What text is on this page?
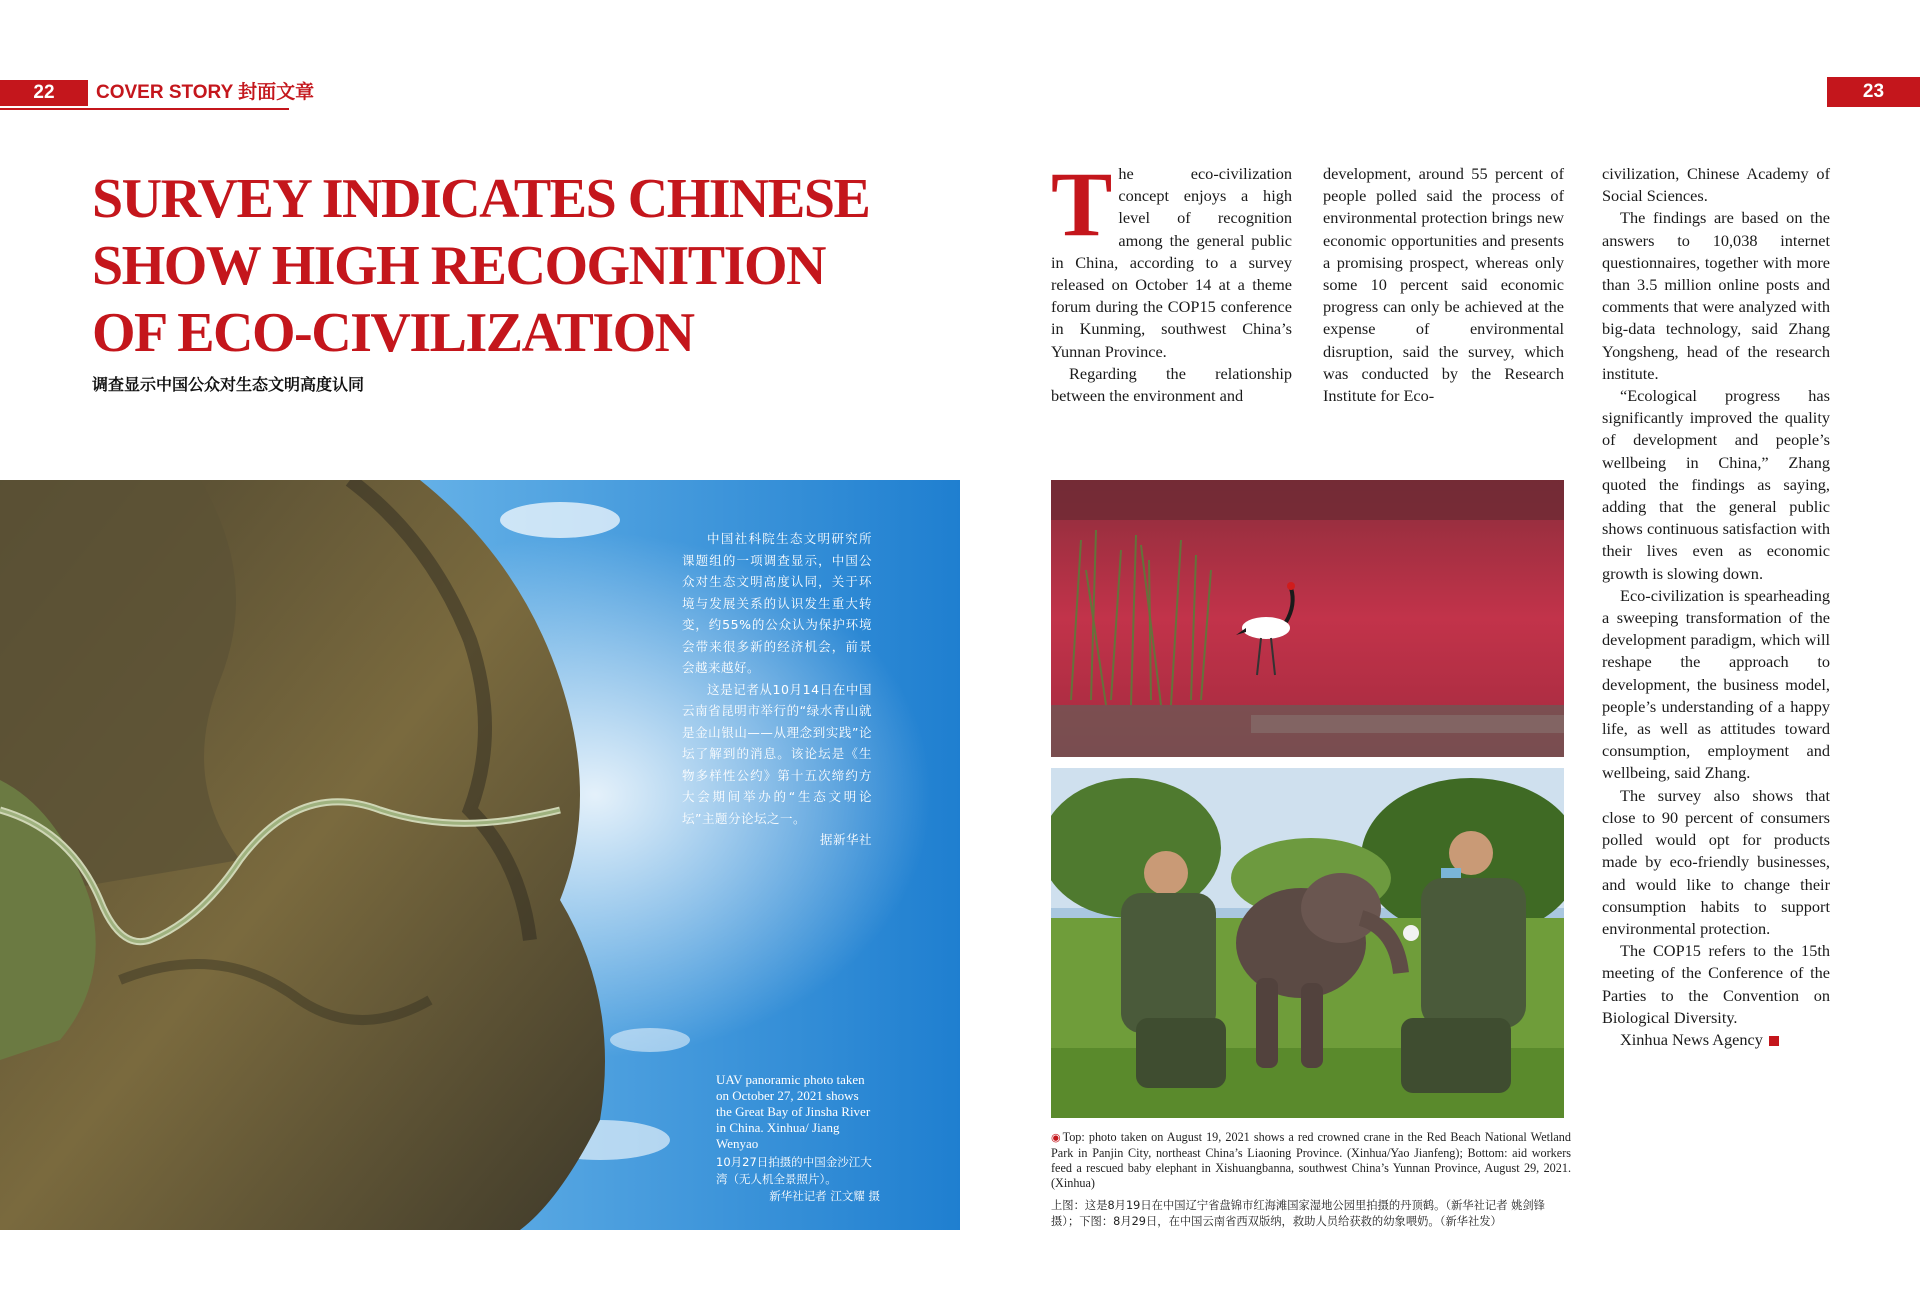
22	COVER STORY 封面文章	23
SURVEY INDICATES CHINESE
SHOW HIGH RECOGNITION
OF ECO-CIVILIZATION
调查显示中国公众对生态文明高度认同

中国社科院生态文明研究所课题组的一项调查显示，中国公众对生态文明高度认同，关于环境与发展关系的认识发生重大转变，约55%的公众认为保护环境会带来很多新的经济机会，前景会越来越好。

这是记者从10月14日在中国云南省昆明市举行的“绿水青山就是金山银山——从理念到实践”论坛了解到的消息。该论坛是《生物多样性公约》第十五次缔约方大会期间举办的“生态文明论坛”主题分论坛之一。

据新华社

UAV panoramic photo taken on October 27, 2021 shows the Great Bay of Jinsha River in China. Xinhua/ Jiang Wenyao
10月27日拍摄的中国金沙江大湾（无人机全景照片）。
新华社记者 江文耀 摄

The eco-civilization concept enjoys a high level of recognition among the general public in China, according to a survey released on October 14 at a theme forum during the COP15 conference in Kunming, southwest China’s Yunnan Province.

Regarding the relationship between the environment and

development, around 55 percent of people polled said the process of environmental protection brings new economic opportunities and presents a promising prospect, whereas only some 10 percent said economic progress can only be achieved at the expense of environmental disruption, said the survey, which was conducted by the Research Institute for Eco-

civilization, Chinese Academy of Social Sciences.

The findings are based on the answers to 10,038 internet questionnaires, together with more than 3.5 million online posts and comments that were analyzed with big-data technology, said Zhang Yongsheng, head of the research institute.

“Ecological progress has significantly improved the quality of development and people’s wellbeing in China,” Zhang quoted the findings as saying, adding that the general public shows continuous satisfaction with their lives even as economic growth is slowing down.

Eco-civilization is spearheading a sweeping transformation of the development paradigm, which will reshape the approach to development, the business model, people’s understanding of a happy life, as well as attitudes toward consumption, employment and wellbeing, said Zhang.

The survey also shows that close to 90 percent of consumers polled would opt for products made by eco-friendly businesses, and would like to change their consumption habits to support environmental protection.

The COP15 refers to the 15th meeting of the Conference of the Parties to the Convention on Biological Diversity.

Xinhua News Agency

◉ Top: photo taken on August 19, 2021 shows a red crowned crane in the Red Beach National Wetland Park in Panjin City, northeast China’s Liaoning Province. (Xinhua/Yao Jianfeng); Bottom: aid workers feed a rescued baby elephant in Xishuangbanna, southwest China’s Yunnan Province, August 29, 2021. (Xinhua)
上图：这是8月19日在中国辽宁省盘锦市红海滩国家湿地公园里拍摄的丹顶鹤。（新华社记者 姚剑锋 摄）；下图：8月29日，在中国云南省西双版纳，救助人员给获救的幼象喂奶。（新华社发）
